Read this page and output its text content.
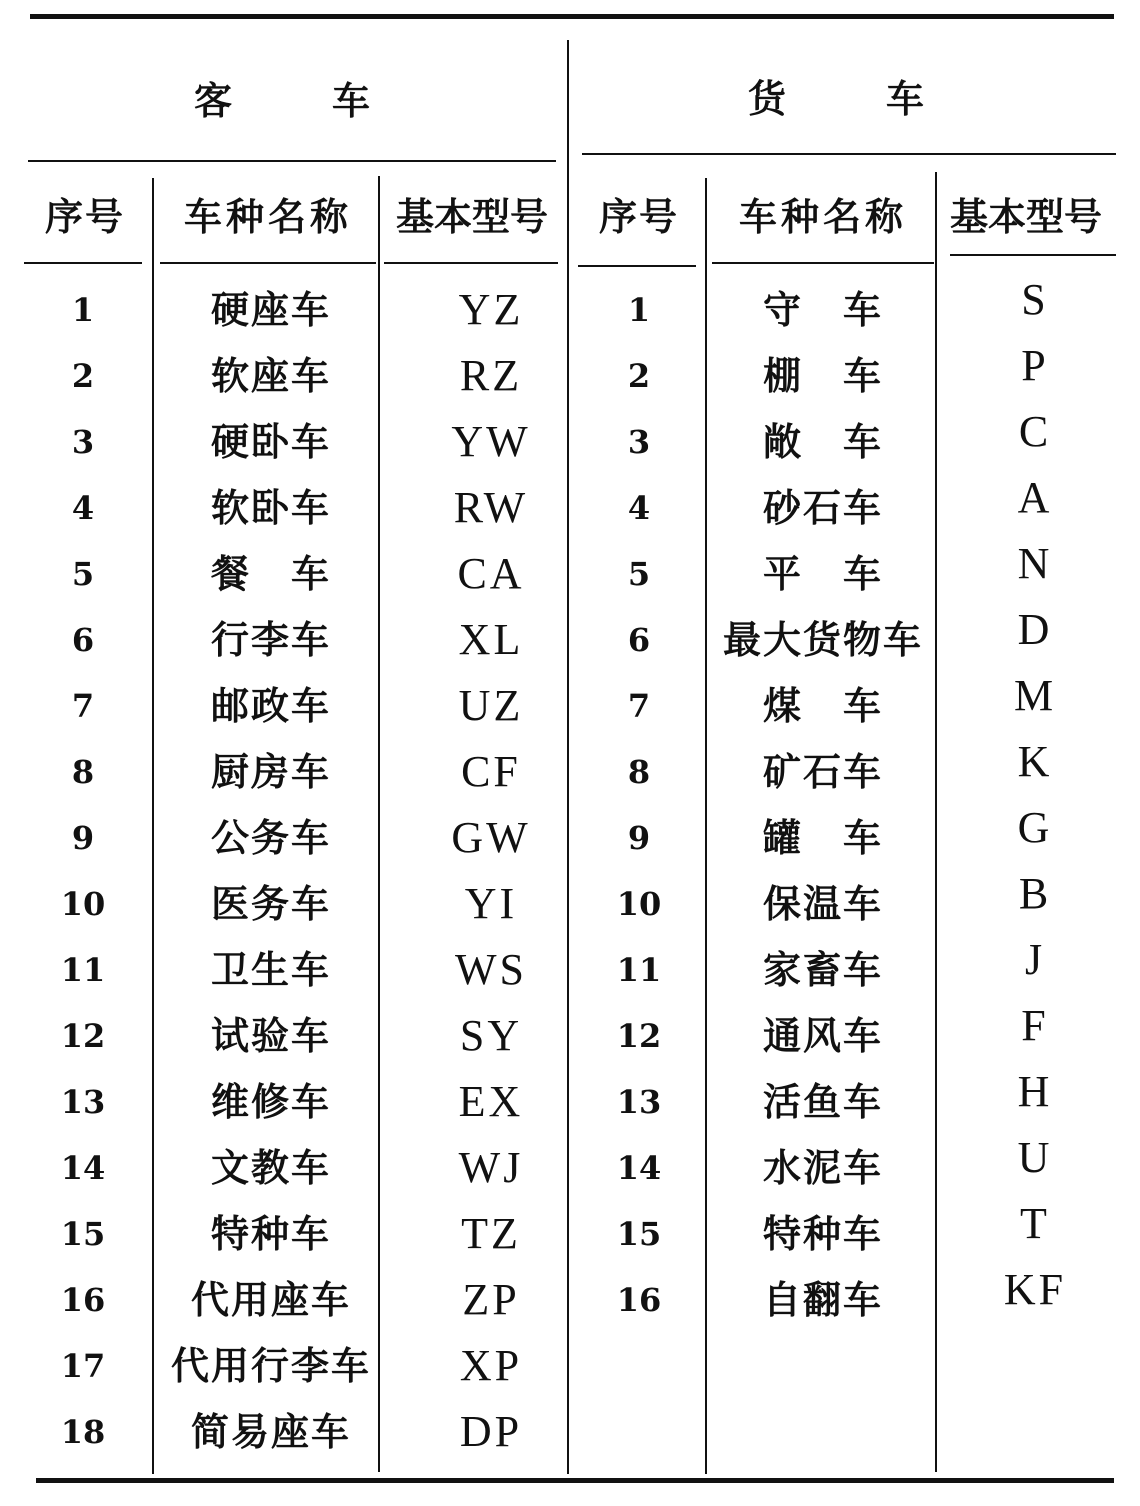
客车	货车
序号	车种名称	基本型号	序号	车种名称	基本型号
1	硬座车	YZ
2	软座车	RZ
3	硬卧车	YW
4	软卧车	RW
5	餐　车	CA
6	行李车	XL
7	邮政车	UZ
8	厨房车	CF
9	公务车	GW
10	医务车	YI
11	卫生车	WS
12	试验车	SY
13	维修车	EX
14	文教车	WJ
15	特种车	TZ
16	代用座车	ZP
17	代用行李车	XP
18	简易座车	DP
1	守　车	S
2	棚　车	P
3	敞　车	C
4	砂石车	A
5	平　车	N
6	最大货物车	D
7	煤　车	M
8	矿石车	K
9	罐　车	G
10	保温车	B
11	家畜车	J
12	通风车	F
13	活鱼车	H
14	水泥车	U
15	特种车	T
16	自翻车	KF
